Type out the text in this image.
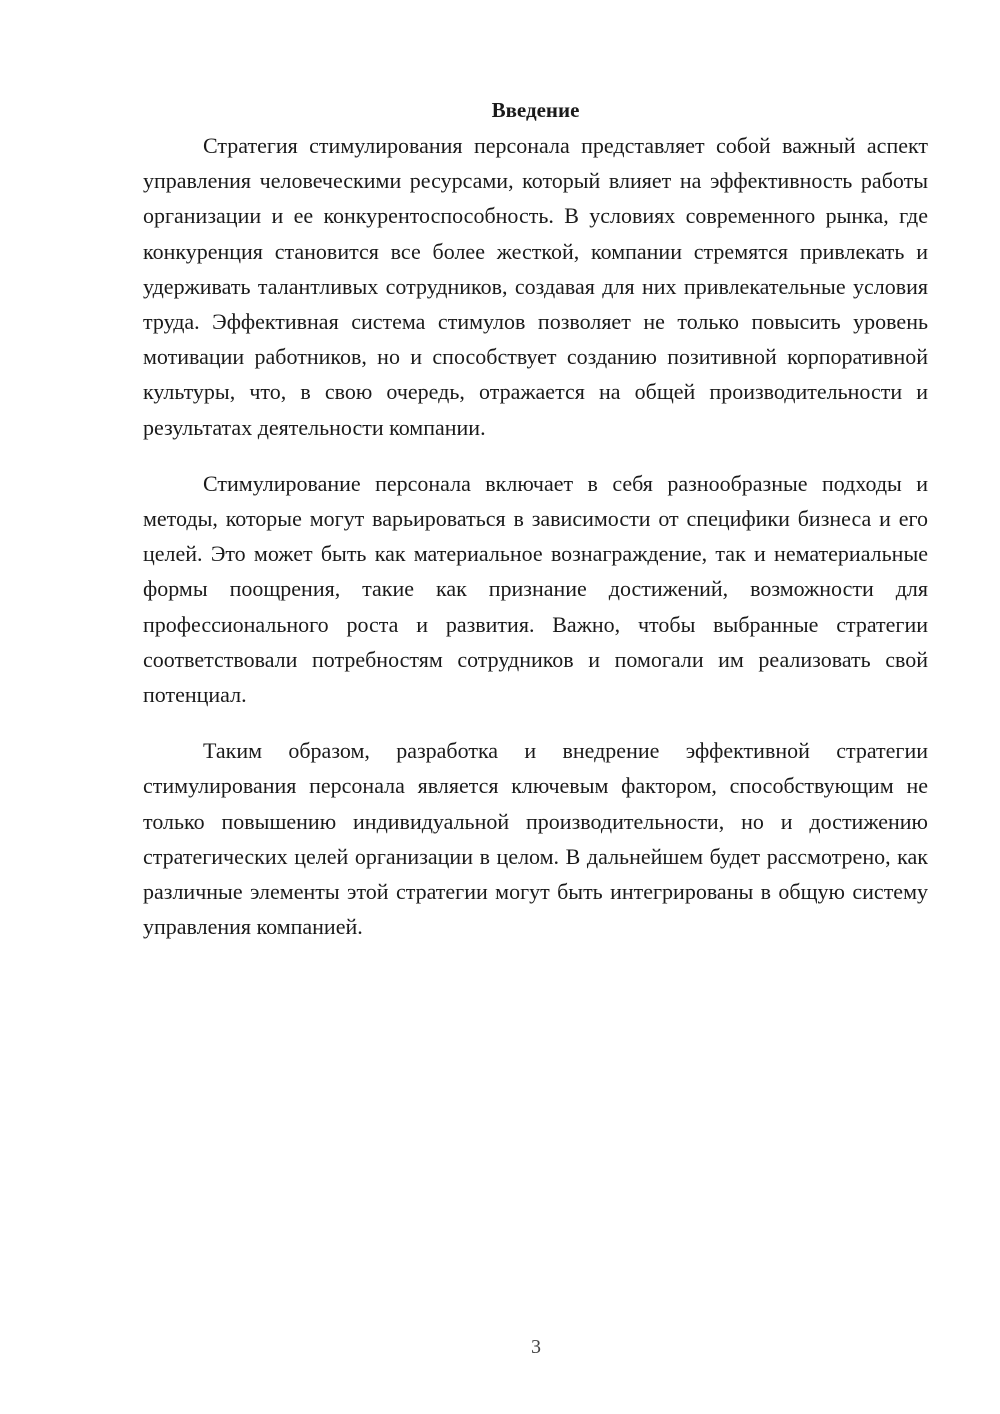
Введение

Стратегия стимулирования персонала представляет собой важный аспект управления человеческими ресурсами, который влияет на эффективность работы организации и ее конкурентоспособность. В условиях современного рынка, где конкуренция становится все более жесткой, компании стремятся привлекать и удерживать талантливых сотрудников, создавая для них привлекательные условия труда. Эффективная система стимулов позволяет не только повысить уровень мотивации работников, но и способствует созданию позитивной корпоративной культуры, что, в свою очередь, отражается на общей производительности и результатах деятельности компании.

Стимулирование персонала включает в себя разнообразные подходы и методы, которые могут варьироваться в зависимости от специфики бизнеса и его целей. Это может быть как материальное вознаграждение, так и нематериальные формы поощрения, такие как признание достижений, возможности для профессионального роста и развития. Важно, чтобы выбранные стратегии соответствовали потребностям сотрудников и помогали им реализовать свой потенциал.

Таким образом, разработка и внедрение эффективной стратегии стимулирования персонала является ключевым фактором, способствующим не только повышению индивидуальной производительности, но и достижению стратегических целей организации в целом. В дальнейшем будет рассмотрено, как различные элементы этой стратегии могут быть интегрированы в общую систему управления компанией.

3
